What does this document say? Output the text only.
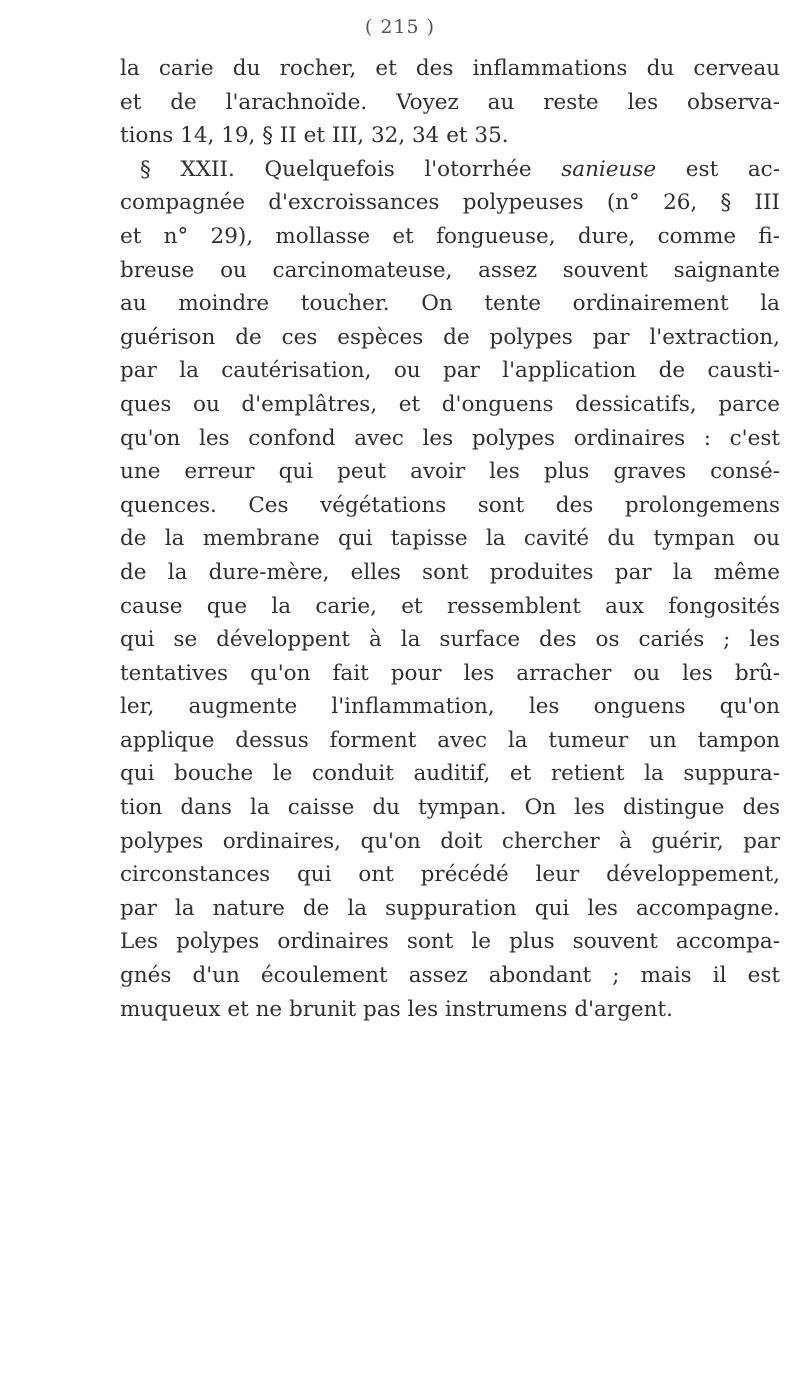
( 215 )
la carie du rocher, et des inflammations du cerveau
et de l'arachnoïde. Voyez au reste les observa-
tions 14, 19, § II et III, 32, 34 et 35.
§ XXII. Quelquefois l'otorrhée sanieuse est ac-
compagnée d'excroissances polypeuses (n° 26, § III
et n° 29), mollasse et fongueuse, dure, comme fi-
breuse ou carcinomateuse, assez souvent saignante
au moindre toucher. On tente ordinairement la
guérison de ces espèces de polypes par l'extraction,
par la cautérisation, ou par l'application de causti-
ques ou d'emplâtres, et d'onguens dessicatifs, parce
qu'on les confond avec les polypes ordinaires : c'est
une erreur qui peut avoir les plus graves consé-
quences. Ces végétations sont des prolongemens
de la membrane qui tapisse la cavité du tympan ou
de la dure-mère, elles sont produites par la même
cause que la carie, et ressemblent aux fongosités
qui se développent à la surface des os cariés ; les
tentatives qu'on fait pour les arracher ou les brû-
ler, augmente l'inflammation, les onguens qu'on
applique dessus forment avec la tumeur un tampon
qui bouche le conduit auditif, et retient la suppura-
tion dans la caisse du tympan. On les distingue des
polypes ordinaires, qu'on doit chercher à guérir, par
circonstances qui ont précédé leur développement,
par la nature de la suppuration qui les accompagne.
Les polypes ordinaires sont le plus souvent accompa-
gnés d'un écoulement assez abondant ; mais il est
muqueux et ne brunit pas les instrumens d'argent.
